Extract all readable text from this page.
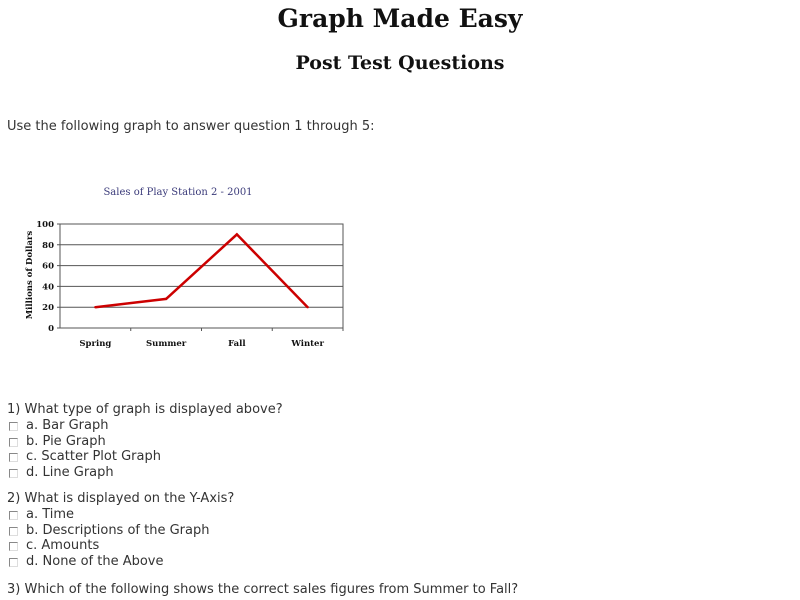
Graph Made Easy
Post Test Questions
Use the following graph to answer question 1 through 5:
Sales of Play Station 2 - 2001
0
20
40
60
80
100
Spring	Summer	Fall	Winter
Millions of Dollars
1) What type of graph is displayed above?
a. Bar Graph
b. Pie Graph
c. Scatter Plot Graph
d. Line Graph
2) What is displayed on the Y-Axis?
a. Time
b. Descriptions of the Graph
c. Amounts
d. None of the Above
3) Which of the following shows the correct sales figures from Summer to Fall?
